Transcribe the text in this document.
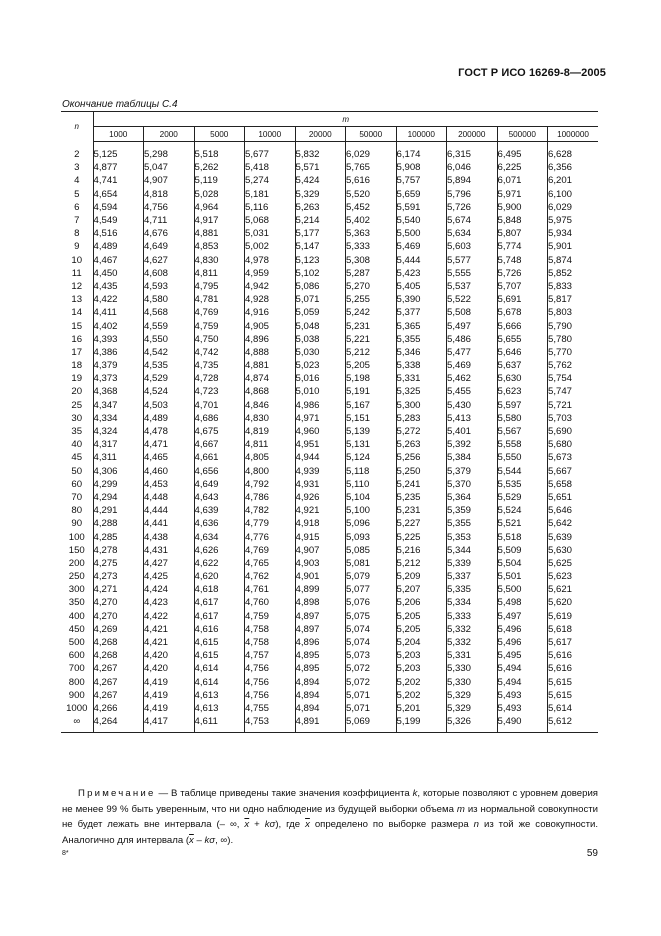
ГОСТ Р ИСО 16269-8—2005
Окончание таблицы С.4
n	m									
	1000	2000	5000	10000	20000	50000	100000	200000	500000	1000000

2	5,125	5,298	5,518	5,677	5,832	6,029	6,174	6,315	6,495	6,628
3	4,877	5,047	5,262	5,418	5,571	5,765	5,908	6,046	6,225	6,356
4	4,741	4,907	5,119	5,274	5,424	5,616	5,757	5,894	6,071	6,201
5	4,654	4,818	5,028	5,181	5,329	5,520	5,659	5,796	5,971	6,100
6	4,594	4,756	4,964	5,116	5,263	5,452	5,591	5,726	5,900	6,029
7	4,549	4,711	4,917	5,068	5,214	5,402	5,540	5,674	5,848	5,975
8	4,516	4,676	4,881	5,031	5,177	5,363	5,500	5,634	5,807	5,934
9	4,489	4,649	4,853	5,002	5,147	5,333	5,469	5,603	5,774	5,901
10	4,467	4,627	4,830	4,978	5,123	5,308	5,444	5,577	5,748	5,874
11	4,450	4,608	4,811	4,959	5,102	5,287	5,423	5,555	5,726	5,852
12	4,435	4,593	4,795	4,942	5,086	5,270	5,405	5,537	5,707	5,833
13	4,422	4,580	4,781	4,928	5,071	5,255	5,390	5,522	5,691	5,817
14	4,411	4,568	4,769	4,916	5,059	5,242	5,377	5,508	5,678	5,803
15	4,402	4,559	4,759	4,905	5,048	5,231	5,365	5,497	5,666	5,790
16	4,393	4,550	4,750	4,896	5,038	5,221	5,355	5,486	5,655	5,780
17	4,386	4,542	4,742	4,888	5,030	5,212	5,346	5,477	5,646	5,770
18	4,379	4,535	4,735	4,881	5,023	5,205	5,338	5,469	5,637	5,762
19	4,373	4,529	4,728	4,874	5,016	5,198	5,331	5,462	5,630	5,754
20	4,368	4,524	4,723	4,868	5,010	5,191	5,325	5,455	5,623	5,747
25	4,347	4,503	4,701	4,846	4,986	5,167	5,300	5,430	5,597	5,721
30	4,334	4,489	4,686	4,830	4,971	5,151	5,283	5,413	5,580	5,703
35	4,324	4,478	4,675	4,819	4,960	5,139	5,272	5,401	5,567	5,690
40	4,317	4,471	4,667	4,811	4,951	5,131	5,263	5,392	5,558	5,680
45	4,311	4,465	4,661	4,805	4,944	5,124	5,256	5,384	5,550	5,673
50	4,306	4,460	4,656	4,800	4,939	5,118	5,250	5,379	5,544	5,667
60	4,299	4,453	4,649	4,792	4,931	5,110	5,241	5,370	5,535	5,658
70	4,294	4,448	4,643	4,786	4,926	5,104	5,235	5,364	5,529	5,651
80	4,291	4,444	4,639	4,782	4,921	5,100	5,231	5,359	5,524	5,646
90	4,288	4,441	4,636	4,779	4,918	5,096	5,227	5,355	5,521	5,642
100	4,285	4,438	4,634	4,776	4,915	5,093	5,225	5,353	5,518	5,639
150	4,278	4,431	4,626	4,769	4,907	5,085	5,216	5,344	5,509	5,630
200	4,275	4,427	4,622	4,765	4,903	5,081	5,212	5,339	5,504	5,625
250	4,273	4,425	4,620	4,762	4,901	5,079	5,209	5,337	5,501	5,623
300	4,271	4,424	4,618	4,761	4,899	5,077	5,207	5,335	5,500	5,621
350	4,270	4,423	4,617	4,760	4,898	5,076	5,206	5,334	5,498	5,620
400	4,270	4,422	4,617	4,759	4,897	5,075	5,205	5,333	5,497	5,619
450	4,269	4,421	4,616	4,758	4,897	5,074	5,205	5,332	5,496	5,618
500	4,268	4,421	4,615	4,758	4,896	5,074	5,204	5,332	5,496	5,617
600	4,268	4,420	4,615	4,757	4,895	5,073	5,203	5,331	5,495	5,616
700	4,267	4,420	4,614	4,756	4,895	5,072	5,203	5,330	5,494	5,616
800	4,267	4,419	4,614	4,756	4,894	5,072	5,202	5,330	5,494	5,615
900	4,267	4,419	4,613	4,756	4,894	5,071	5,202	5,329	5,493	5,615
1000	4,266	4,419	4,613	4,755	4,894	5,071	5,201	5,329	5,493	5,614
∞	4,264	4,417	4,611	4,753	4,891	5,069	5,199	5,326	5,490	5,612

Примечание — В таблице приведены такие значения коэффициента k, которые позволяют с уровнем доверия не менее 99 % быть уверенным, что ни одно наблюдение из будущей выборки объема m из нормальной совокупности не будет лежать вне интервала (– ∞, $\overline{x} + k\sigma$), где $\overline{x}$ определено по выборке размера n из той же совокупности. Аналогично для интервала ($\overline{x}$ – kσ, ∞).
8*	59
